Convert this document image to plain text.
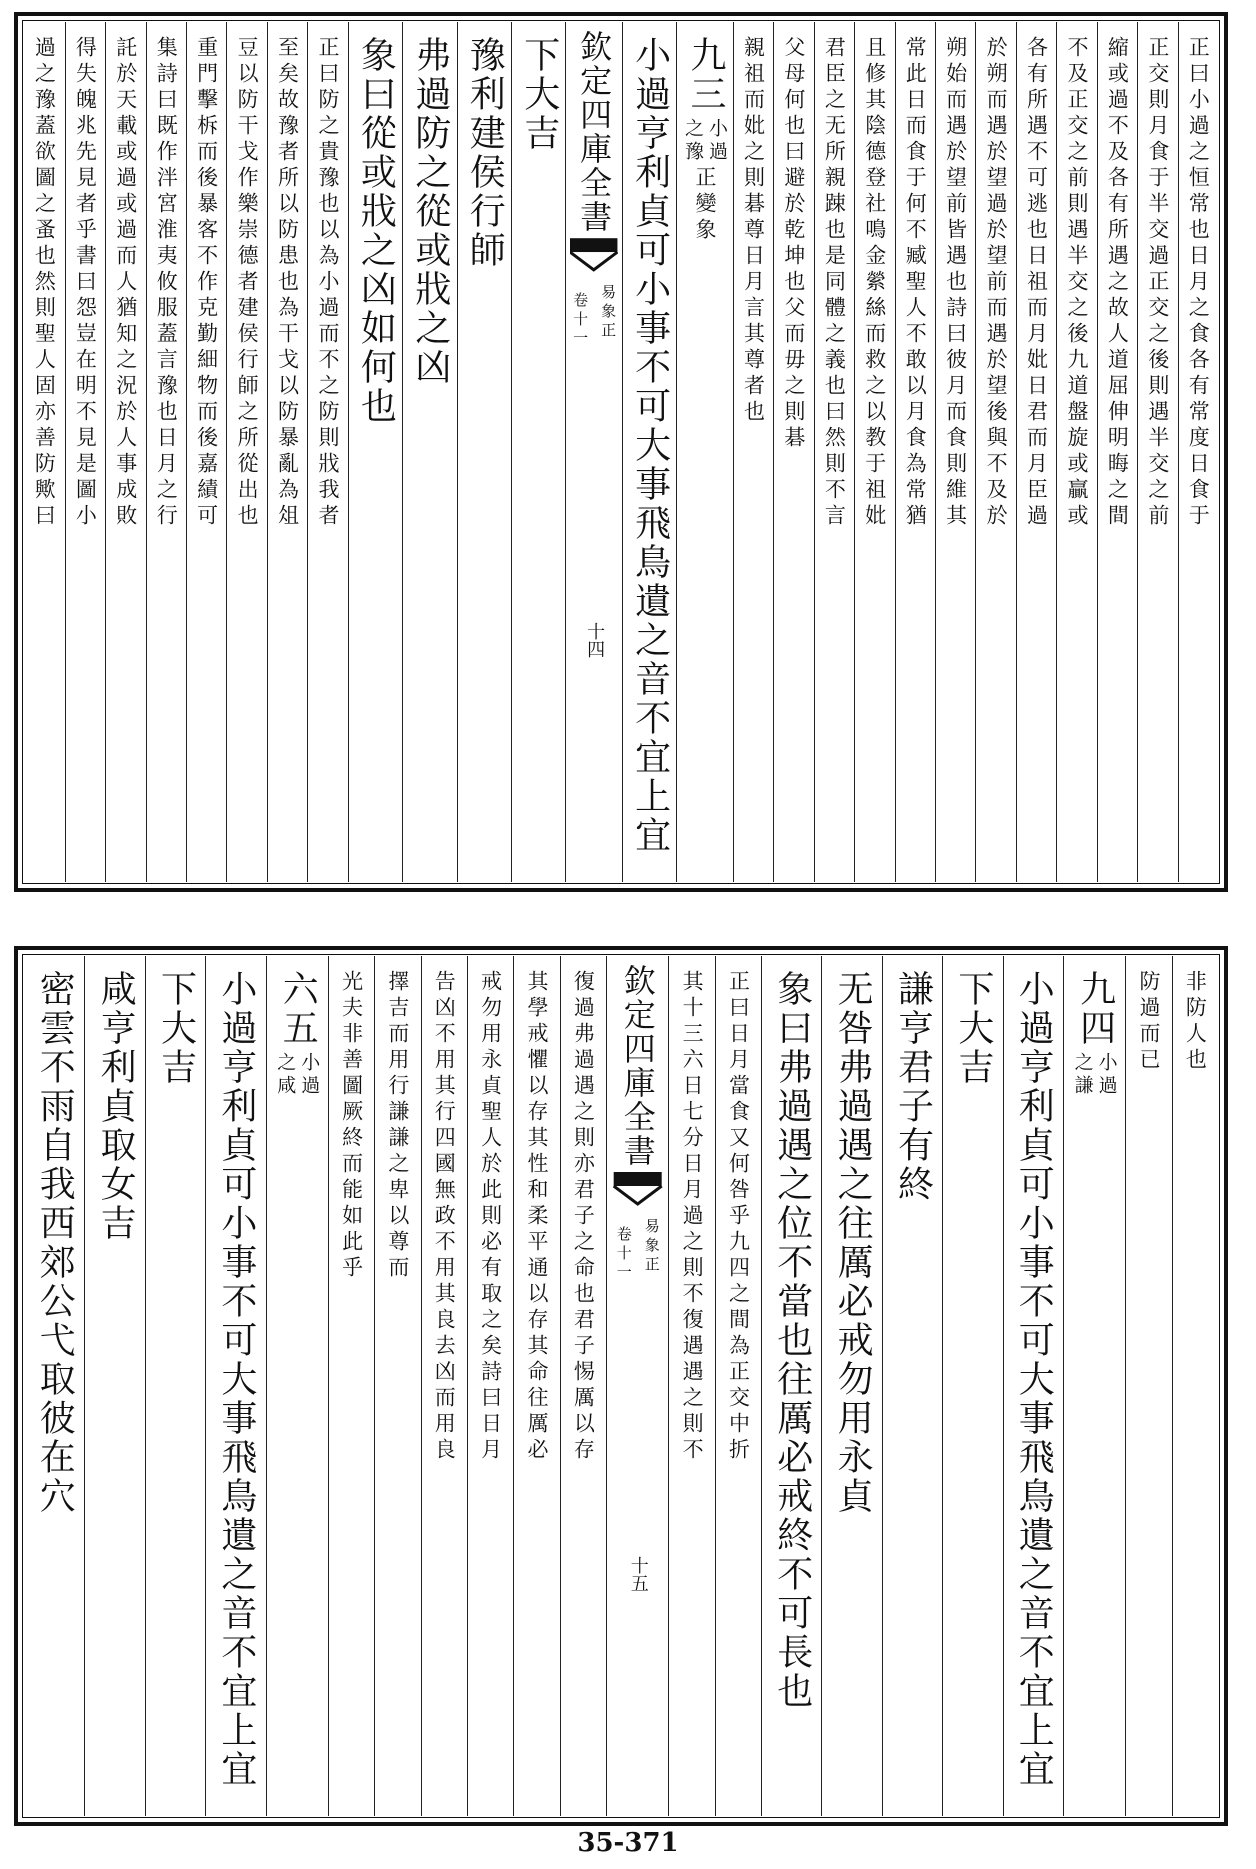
正曰小過之恒常也日月之食各有常度日食于
正交則月食于半交過正交之後則遇半交之前
縮或過不及各有所遇之故人道屈伸明晦之間
不及正交之前則遇半交之後九道盤旋或贏或
各有所遇不可逃也日祖而月妣日君而月臣過
於朔而遇於望過於望前而遇於望後與不及於
朔始而遇於望前皆遇也詩曰彼月而食則維其
常此日而食于何不臧聖人不敢以月食為常猶
且修其陰德登社鳴金縈絲而救之以教于祖妣
君臣之无所親踈也是同體之義也曰然則不言
父母何也曰避於乾坤也父而毋之則碁
親祖而妣之則碁尊日月言其尊者也
九三
小過
之豫
正變象
小過亨利貞可小事不可大事飛鳥遺之音不宜上宜
欽定四庫全書
易象正
卷十一
十四
下大吉
豫利建侯行師
弗過防之從或戕之凶
象曰從或戕之凶如何也
正曰防之貴豫也以為小過而不之防則戕我者
至矣故豫者所以防患也為干戈以防暴亂為俎
豆以防干戈作樂崇德者建侯行師之所從出也
重門擊柝而後暴客不作克勤細物而後嘉績可
集詩曰既作泮宮淮夷攸服蓋言豫也日月之行
託於天載或過或過而人猶知之況於人事成敗
得失魄兆先見者乎書曰怨豈在明不見是圖小
過之豫蓋欲圖之蚤也然則聖人固亦善防歟曰
非防人也
防過而已
九四
小過
之謙
小過亨利貞可小事不可大事飛鳥遺之音不宜上宜
下大吉
謙亨君子有終
无咎弗過遇之往厲必戒勿用永貞
象曰弗過遇之位不當也往厲必戒終不可長也
正曰日月當食又何咎乎九四之間為正交中折
其十三六日七分日月過之則不復遇遇之則不
欽定四庫全書
易象正
卷十一
十五
復過弗過遇之則亦君子之命也君子惕厲以存
其學戒懼以存其性和柔平通以存其命往厲必
戒勿用永貞聖人於此則必有取之矣詩曰日月
告凶不用其行四國無政不用其良去凶而用良
擇吉而用行謙謙之卑以尊而
光夫非善圖厥終而能如此乎
六五
小過
之咸
小過亨利貞可小事不可大事飛鳥遺之音不宜上宜
下大吉
咸亨利貞取女吉
密雲不雨自我西郊公弋取彼在穴
35-371
